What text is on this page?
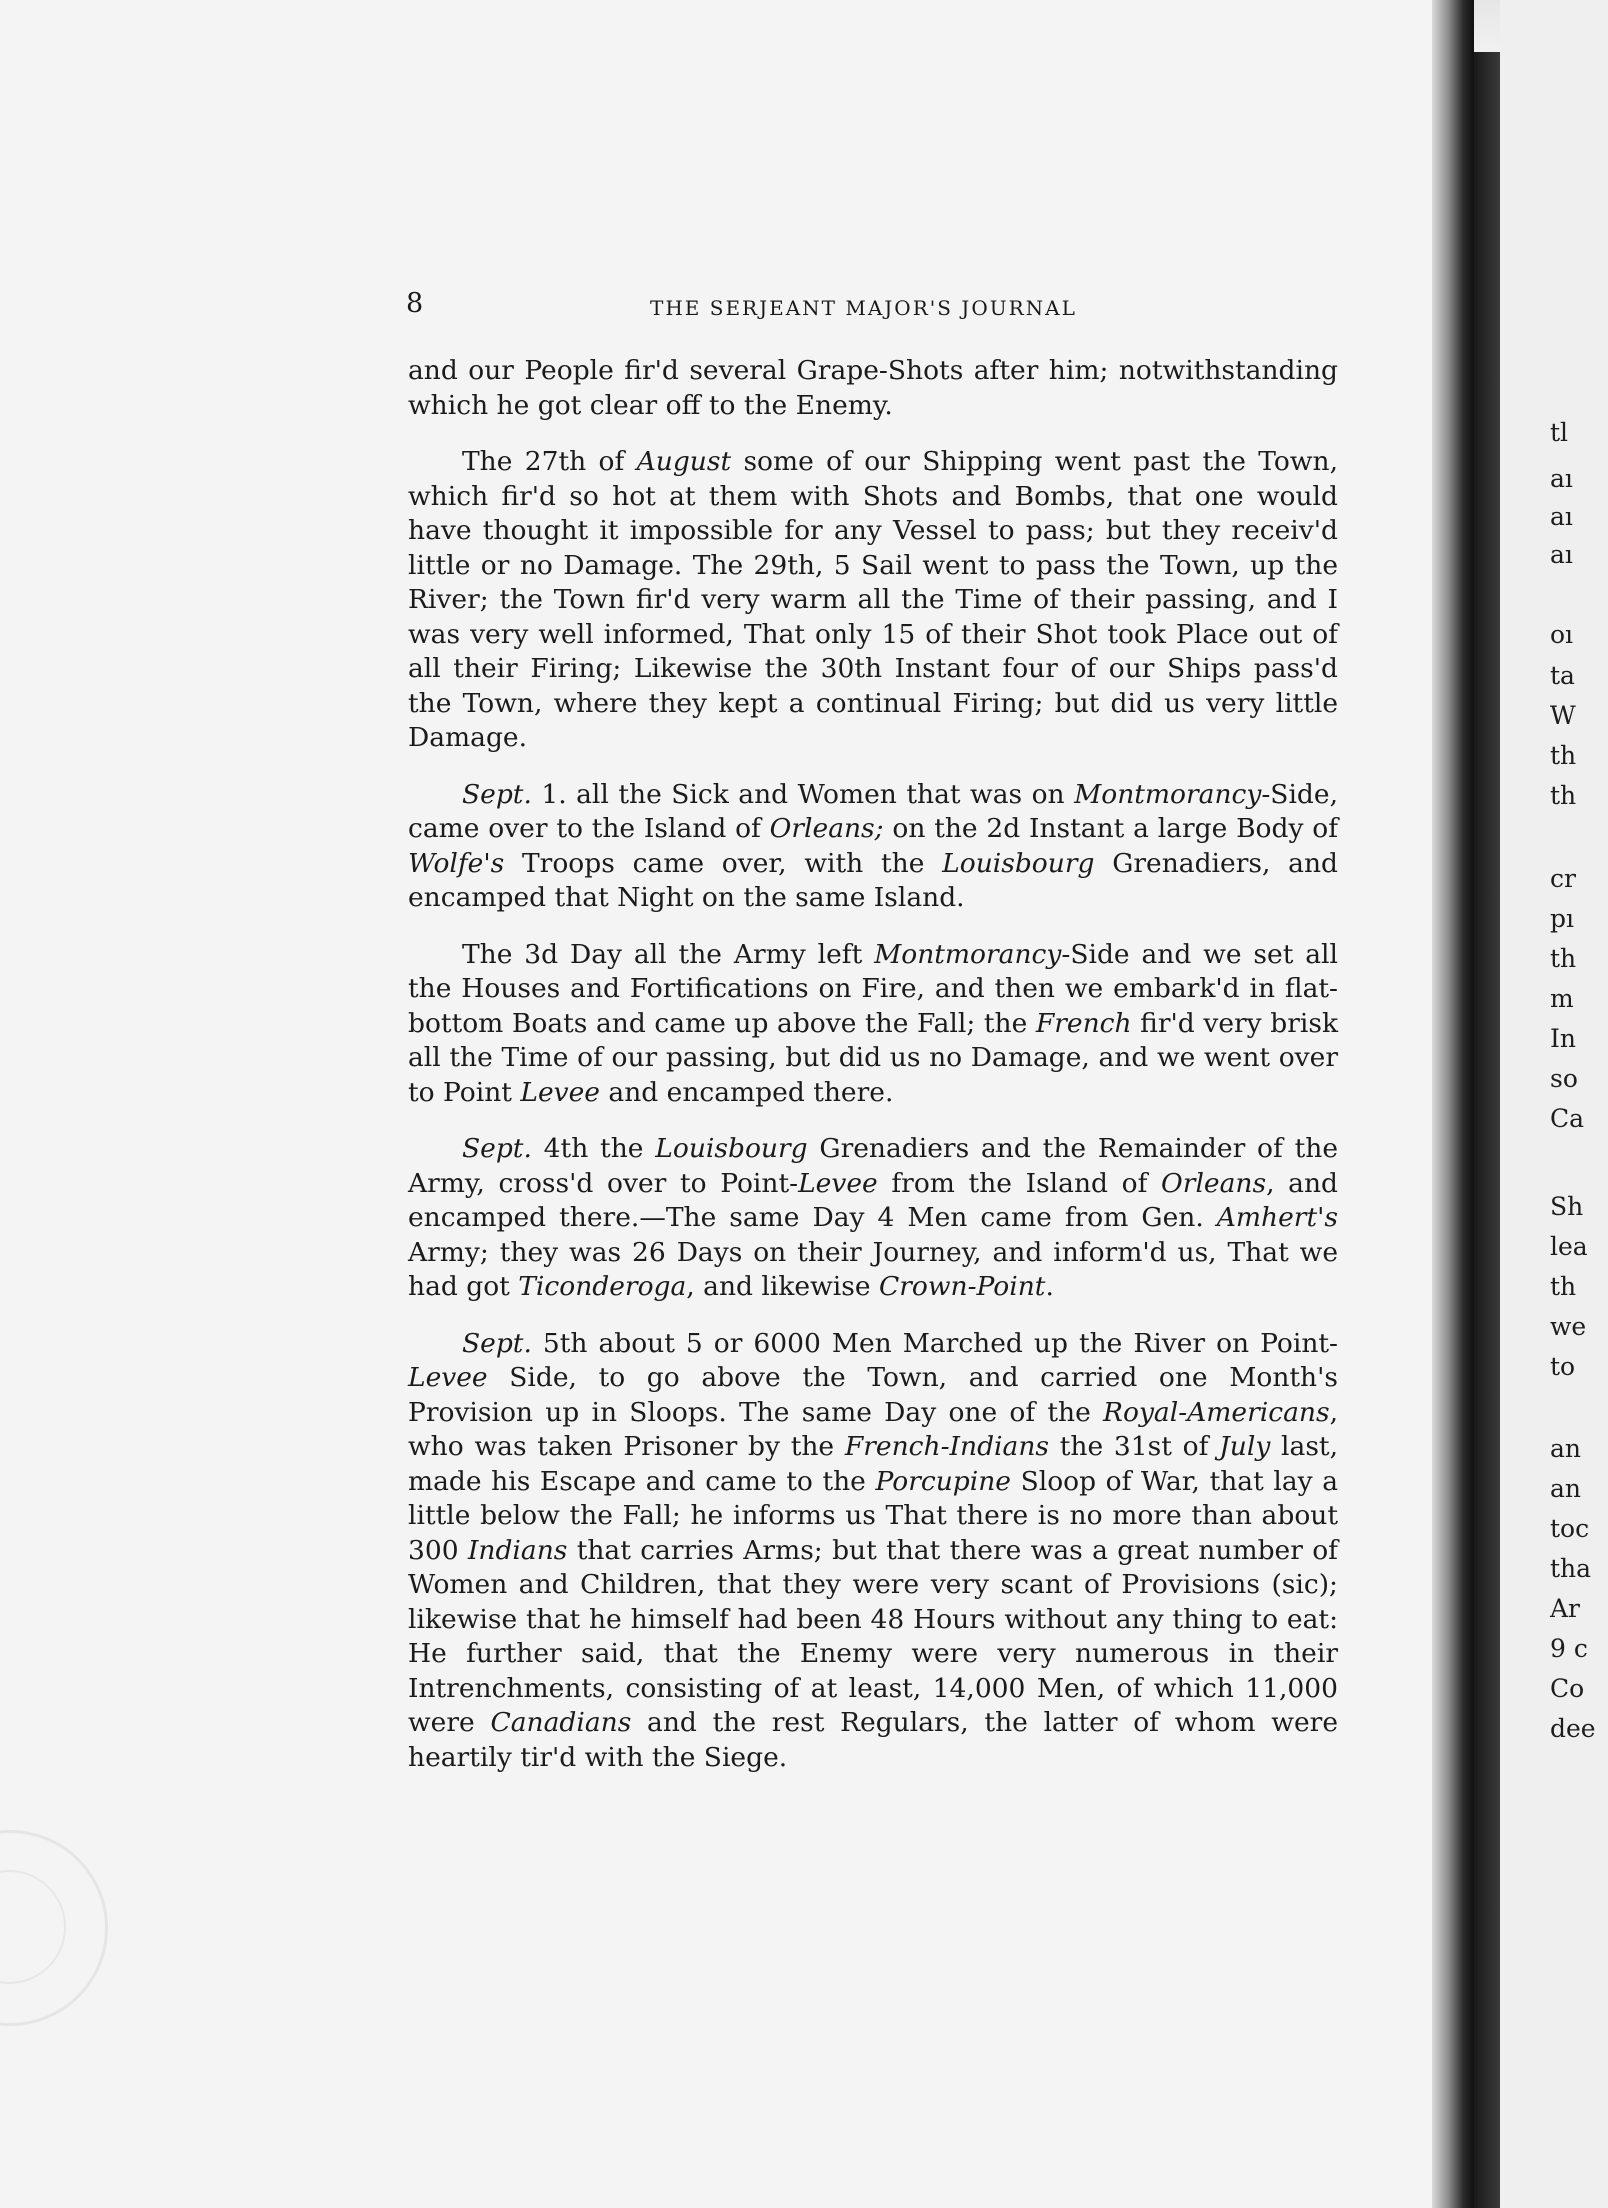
8	THE SERJEANT MAJOR'S JOURNAL

and our People fir'd several Grape-Shots after him; notwithstanding which he got clear off to the Enemy.

The 27th of August some of our Shipping went past the Town, which fir'd so hot at them with Shots and Bombs, that one would have thought it impossible for any Vessel to pass; but they receiv'd little or no Damage. The 29th, 5 Sail went to pass the Town, up the River; the Town fir'd very warm all the Time of their passing, and I was very well informed, That only 15 of their Shot took Place out of all their Firing; Likewise the 30th Instant four of our Ships pass'd the Town, where they kept a continual Firing; but did us very little Damage.

Sept. 1. all the Sick and Women that was on Montmorancy-Side, came over to the Island of Orleans; on the 2d Instant a large Body of Wolfe's Troops came over, with the Louisbourg Grenadiers, and encamped that Night on the same Island.

The 3d Day all the Army left Montmorancy-Side and we set all the Houses and Fortifications on Fire, and then we embark'd in flat-bottom Boats and came up above the Fall; the French fir'd very brisk all the Time of our passing, but did us no Damage, and we went over to Point Levee and encamped there.

Sept. 4th the Louisbourg Grenadiers and the Remainder of the Army, cross'd over to Point-Levee from the Island of Orleans, and encamped there.—The same Day 4 Men came from Gen. Amhert's Army; they was 26 Days on their Journey, and inform'd us, That we had got Ticonderoga, and likewise Crown-Point.

Sept. 5th about 5 or 6000 Men Marched up the River on Point-Levee Side, to go above the Town, and carried one Month's Provision up in Sloops. The same Day one of the Royal-Americans, who was taken Prisoner by the French-Indians the 31st of July last, made his Escape and came to the Porcupine Sloop of War, that lay a little below the Fall; he informs us That there is no more than about 300 Indians that carries Arms; but that there was a great number of Women and Children, that they were very scant of Provisions (sic); likewise that he himself had been 48 Hours without any thing to eat: He further said, that the Enemy were very numerous in their Intrenchments, consisting of at least, 14,000 Men, of which 11,000 were Canadians and the rest Regulars, the latter of whom were heartily tir'd with the Siege.

tl
aı
aı
aı
oı
ta
W
th
th
cr
pı
th
m
In
so
Ca
Sh
lea
th
we
to
an
an
toc
tha
Ar
9 c
Co
dee
